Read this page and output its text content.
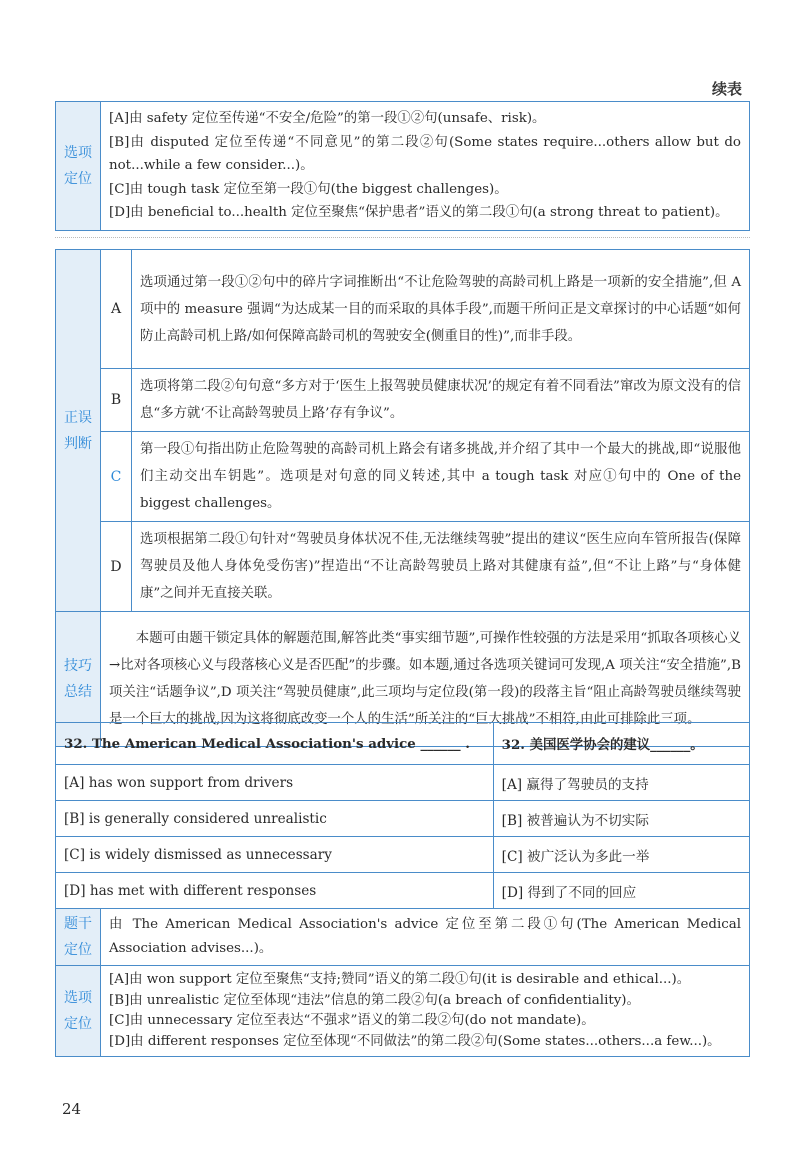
续表
选项
定位

[A]由 safety 定位至传递“不安全/危险”的第一段①②句(unsafe、risk)。
[B]由 disputed 定位至传递“不同意见”的第二段②句(Some states require...others allow but do not...while a few consider...)。
[C]由 tough task 定位至第一段①句(the biggest challenges)。
[D]由 beneficial to...health 定位至聚焦“保护患者”语义的第二段①句(a strong threat to patient)。
正误
判断	A	选项通过第一段①②句中的碎片字词推断出“不让危险驾驶的高龄司机上路是一项新的安全措施”,但 A 项中的 measure 强调“为达成某一目的而采取的具体手段”,而题干所问正是文章探讨的中心话题“如何防止高龄司机上路/如何保障高龄司机的驾驶安全(侧重目的性)”,而非手段。
	B	选项将第二段②句句意“多方对于‘医生上报驾驶员健康状况’的规定有着不同看法”窜改为原文没有的信息“多方就‘不让高龄驾驶员上路’存有争议”。
	C	第一段①句指出防止危险驾驶的高龄司机上路会有诸多挑战,并介绍了其中一个最大的挑战,即“说服他们主动交出车钥匙”。选项是对句意的同义转述,其中 a tough task 对应①句中的 One of the biggest challenges。
	D	选项根据第二段①句针对“驾驶员身体状况不佳,无法继续驾驶”提出的建议“医生应向车管所报告(保障驾驶员及他人身体免受伤害)”捏造出“不让高龄驾驶员上路对其健康有益”,但“不让上路”与“身体健康”之间并无直接关联。

技巧
总结	本题可由题干锁定具体的解题范围,解答此类“事实细节题”,可操作性较强的方法是采用“抓取各项核心义→比对各项核心义与段落核心义是否匹配”的步骤。如本题,通过各选项关键词可发现,A 项关注“安全措施”,B 项关注“话题争议”,D 项关注“驾驶员健康”,此三项均与定位段(第一段)的段落主旨“阻止高龄驾驶员继续驾驶是一个巨大的挑战,因为这将彻底改变一个人的生活”所关注的“巨大挑战”不相符,由此可排除此三项。	
32. The American Medical Association's advice ______ .		32. 美国医学协会的建议______。
[A] has won support from drivers		[A] 赢得了驾驶员的支持
[B] is generally considered unrealistic		[B] 被普遍认为不切实际
[C] is widely dismissed as unnecessary		[C] 被广泛认为多此一举
[D] has met with different responses		[D] 得到了不同的回应

题干
定位	由 The American Medical Association's advice 定位至第二段①句(The American Medical Association advises...)。	

选项
定位	[A]由 won support 定位至聚焦“支持;赞同”语义的第二段①句(it is desirable and ethical...)。
[B]由 unrealistic 定位至体现“违法”信息的第二段②句(a breach of confidentiality)。
[C]由 unnecessary 定位至表达“不强求”语义的第二段②句(do not mandate)。
[D]由 different responses 定位至体现“不同做法”的第二段②句(Some states...others...a few...)。	
24
